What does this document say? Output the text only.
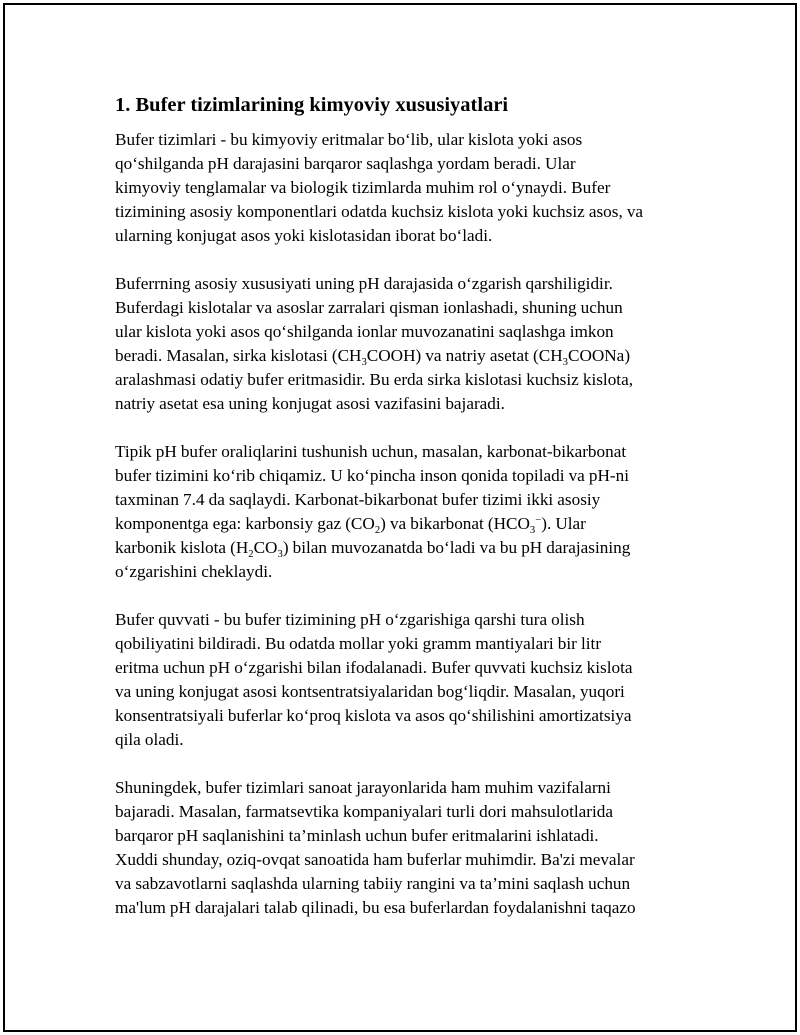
1. Bufer tizimlarining kimyoviy xususiyatlari
Bufer tizimlari - bu kimyoviy eritmalar bo‘lib, ular kislota yoki asos
qo‘shilganda pH darajasini barqaror saqlashga yordam beradi. Ular
kimyoviy tenglamalar va biologik tizimlarda muhim rol o‘ynaydi. Bufer
tizimining asosiy komponentlari odatda kuchsiz kislota yoki kuchsiz asos, va
ularning konjugat asos yoki kislotasidan iborat bo‘ladi.
Buferrning asosiy xususiyati uning pH darajasida o‘zgarish qarshiligidir.
Buferdagi kislotalar va asoslar zarralari qisman ionlashadi, shuning uchun
ular kislota yoki asos qo‘shilganda ionlar muvozanatini saqlashga imkon
beradi. Masalan, sirka kislotasi $(CH_3COOH)$ va natriy asetat $(CH_3COONa)$
aralashmasi odatiy bufer eritmasidir. Bu erda sirka kislotasi kuchsiz kislota,
natriy asetat esa uning konjugat asosi vazifasini bajaradi.
Tipik pH bufer oraliqlarini tushunish uchun, masalan, karbonat-bikarbonat
bufer tizimini ko‘rib chiqamiz. U ko‘pincha inson qonida topiladi va pH-ni
taxminan 7.4 da saqlaydi. Karbonat-bikarbonat bufer tizimi ikki asosiy
komponentga ega: karbonsiy gaz $(CO_2)$ va bikarbonat $(HCO_3^-)$. Ular
karbonik kislota $(H_2CO_3)$ bilan muvozanatda bo‘ladi va bu pH darajasining
o‘zgarishini cheklaydi.
Bufer quvvati - bu bufer tizimining pH o‘zgarishiga qarshi tura olish
qobiliyatini bildiradi. Bu odatda mollar yoki gramm mantiyalari bir litr
eritma uchun pH o‘zgarishi bilan ifodalanadi. Bufer quvvati kuchsiz kislota
va uning konjugat asosi kontsentratsiyalaridan bog‘liqdir. Masalan, yuqori
konsentratsiyali buferlar ko‘proq kislota va asos qo‘shilishini amortizatsiya
qila oladi.
Shuningdek, bufer tizimlari sanoat jarayonlarida ham muhim vazifalarni
bajaradi. Masalan, farmatsevtika kompaniyalari turli dori mahsulotlarida
barqaror pH saqlanishini ta’minlash uchun bufer eritmalarini ishlatadi.
Xuddi shunday, oziq-ovqat sanoatida ham buferlar muhimdir. Ba'zi mevalar
va sabzavotlarni saqlashda ularning tabiiy rangini va ta’mini saqlash uchun
ma'lum pH darajalari talab qilinadi, bu esa buferlardan foydalanishni taqazo
